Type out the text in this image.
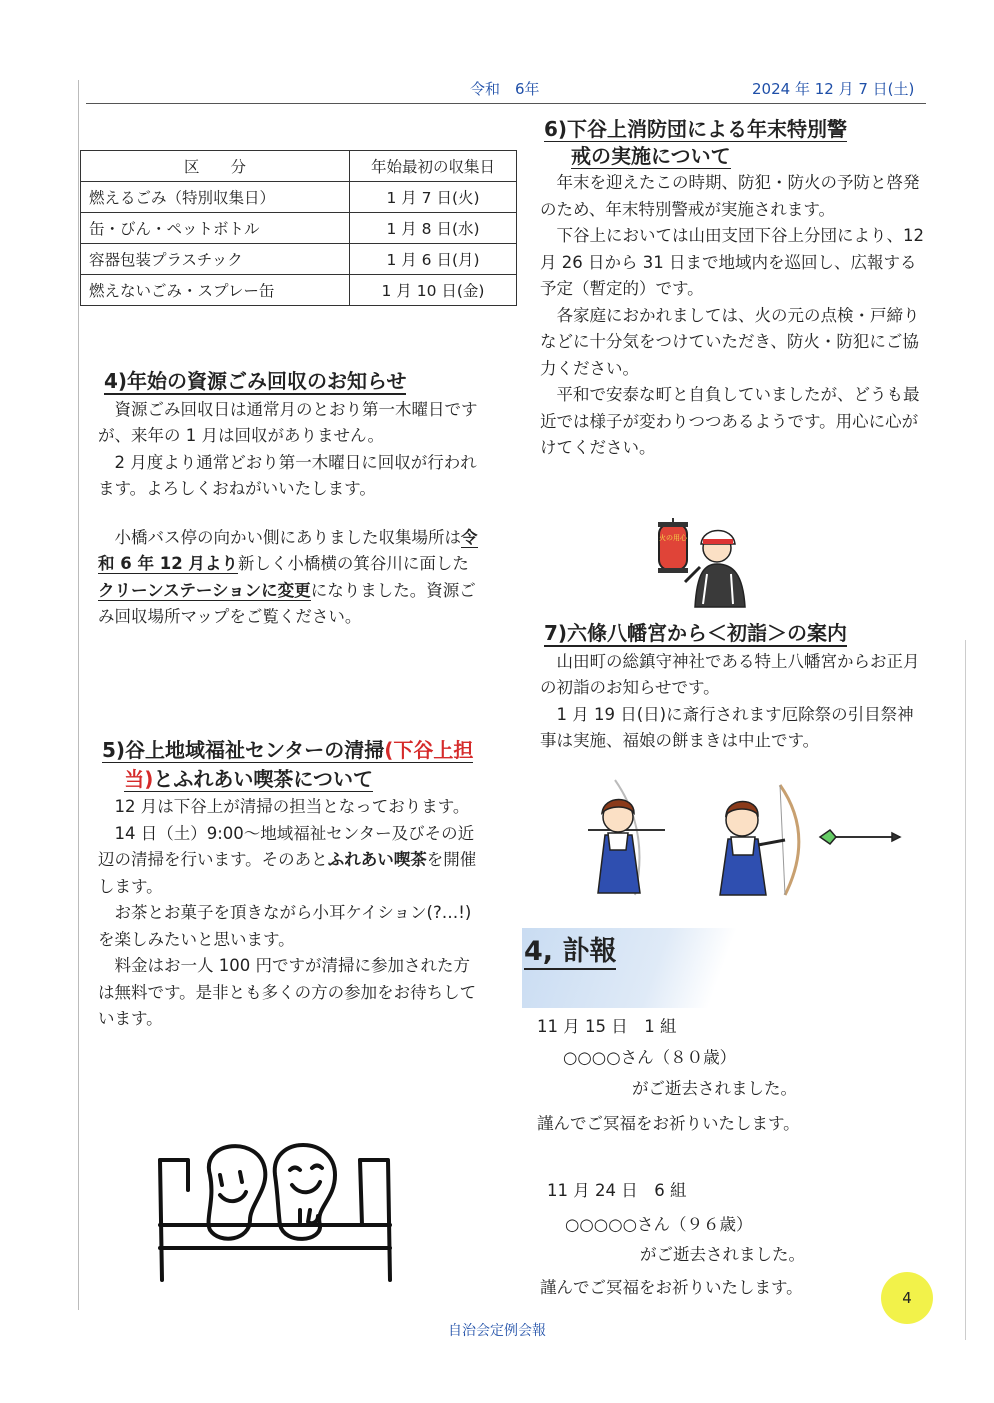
令和　6年	2024 年 12 月 7 日(土)
区　　分	年始最初の収集日
燃えるごみ（特別収集日）	1 月 7 日(火)
缶・びん・ペットボトル	1 月 8 日(水)
容器包装プラスチック	1 月 6 日(月)
燃えないごみ・スプレー缶	1 月 10 日(金)
4)年始の資源ごみ回収のお知らせ

資源ごみ回収日は通常月のとおり第一木曜日ですが、来年の 1 月は回収がありません。

2 月度より通常どおり第一木曜日に回収が行われます。よろしくおねがいいたします。

小橋バス停の向かい側にありました収集場所は令和 6 年 12 月より新しく小橋横の箕谷川に面したクリーンステーションに変更になりました。資源ごみ回収場所マップをご覧ください。

5)谷上地域福祉センターの清掃(下谷上担当)とふれあい喫茶について

12 月は下谷上が清掃の担当となっております。

14 日（土）9:00～地域福祉センター及びその近辺の清掃を行います。そのあとふれあい喫茶を開催します。

お茶とお菓子を頂きながら小耳ケイション(?…!)を楽しみたいと思います。

料金はお一人 100 円ですが清掃に参加された方は無料です。是非とも多くの方の参加をお待ちしています。

6)下谷上消防団による年末特別警
戒の実施について

年末を迎えたこの時期、防犯・防火の予防と啓発のため、年末特別警戒が実施されます。

下谷上においては山田支団下谷上分団により、12 月 26 日から 31 日まで地域内を巡回し、広報する予定（暫定的）です。

各家庭におかれましては、火の元の点検・戸締りなどに十分気をつけていただき、防火・防犯にご協力ください。

平和で安泰な町と自負していましたが、どうも最近では様子が変わりつつあるようです。用心に心がけてください。

火の用心
7)六條八幡宮から＜初詣＞の案内

山田町の総鎮守神社である特上八幡宮からお正月の初詣のお知らせです。

1 月 19 日(日)に斎行されます厄除祭の引目祭神事は実施、福娘の餅まきは中止です。

4, 訃報
11 月 15 日　1 組
○○○○さん（８０歳）
がご逝去されました。
謹んでご冥福をお祈りいたします。
11 月 24 日　6 組
○○○○○さん（９６歳）
がご逝去されました。
謹んでご冥福をお祈りいたします。
4
自治会定例会報
